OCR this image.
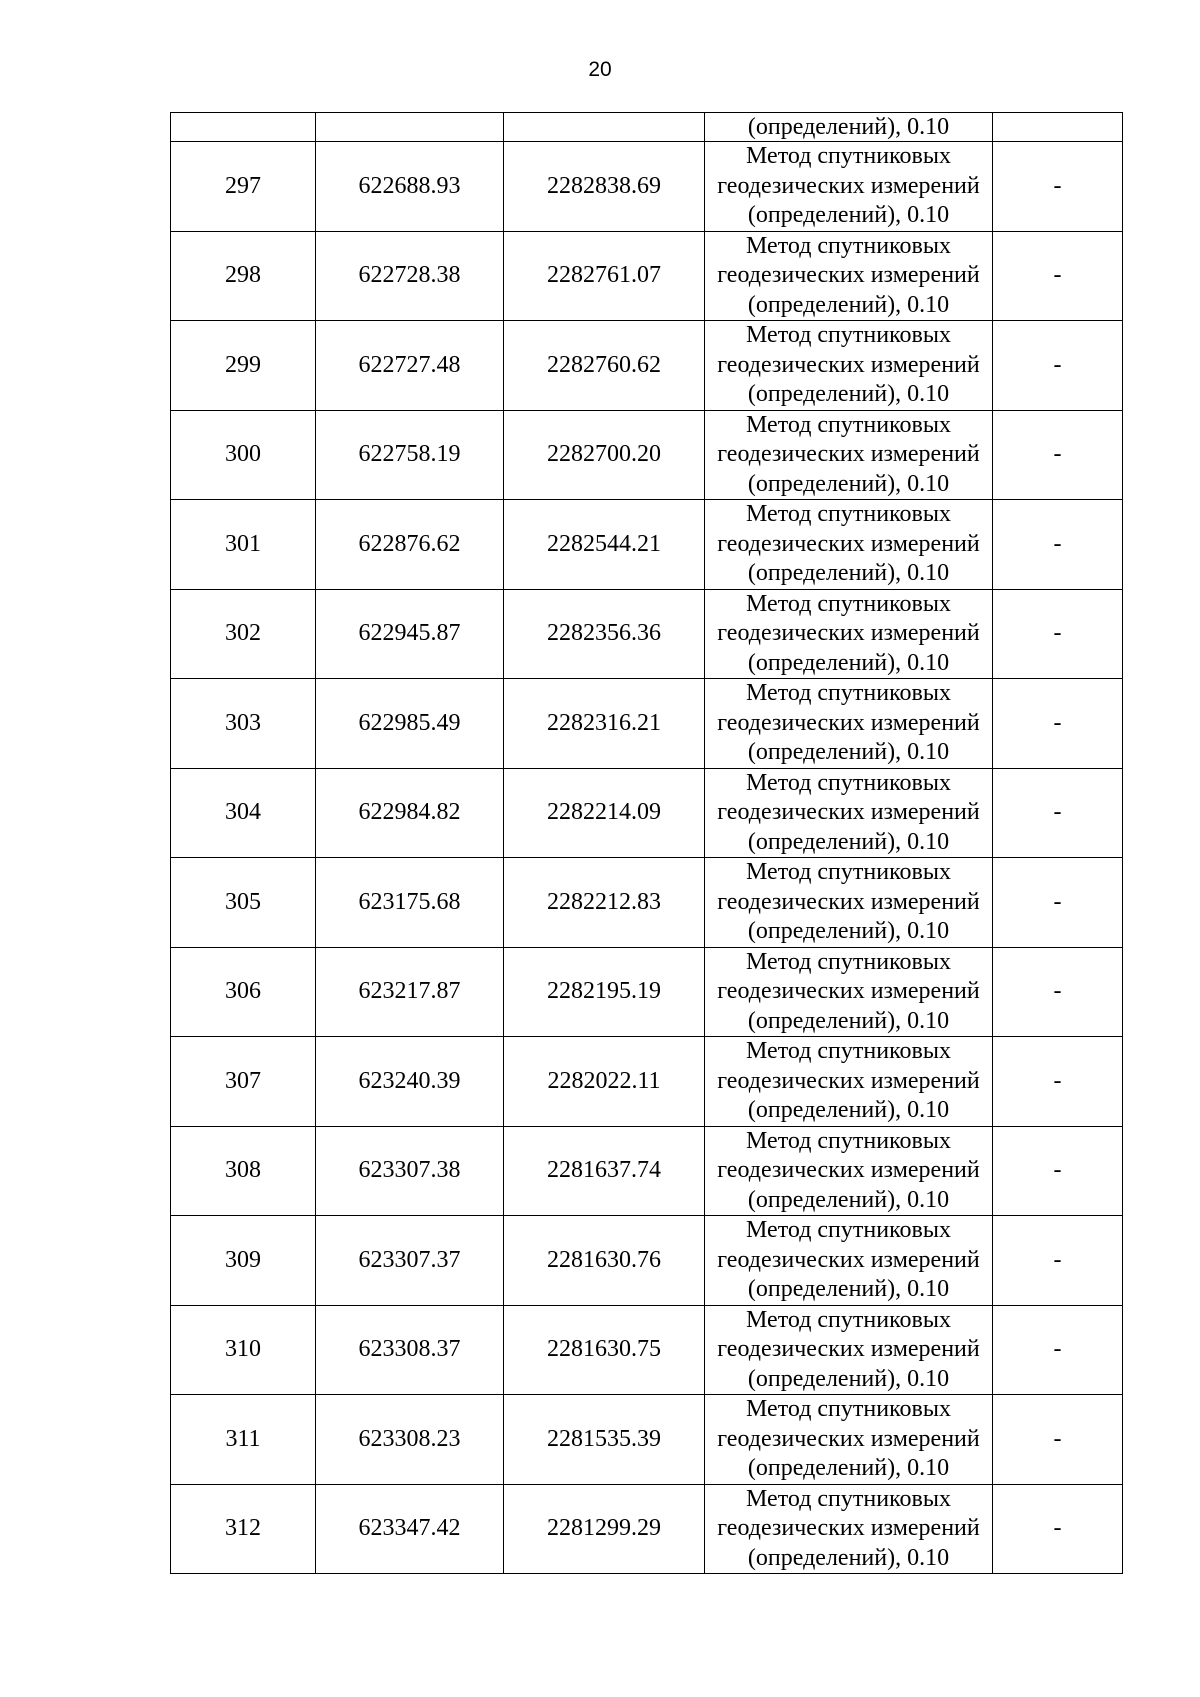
20
			(определений), 0.10	
297	622688.93	2282838.69	Метод спутниковых
геодезических измерений
(определений), 0.10	-
298	622728.38	2282761.07	Метод спутниковых
геодезических измерений
(определений), 0.10	-
299	622727.48	2282760.62	Метод спутниковых
геодезических измерений
(определений), 0.10	-
300	622758.19	2282700.20	Метод спутниковых
геодезических измерений
(определений), 0.10	-
301	622876.62	2282544.21	Метод спутниковых
геодезических измерений
(определений), 0.10	-
302	622945.87	2282356.36	Метод спутниковых
геодезических измерений
(определений), 0.10	-
303	622985.49	2282316.21	Метод спутниковых
геодезических измерений
(определений), 0.10	-
304	622984.82	2282214.09	Метод спутниковых
геодезических измерений
(определений), 0.10	-
305	623175.68	2282212.83	Метод спутниковых
геодезических измерений
(определений), 0.10	-
306	623217.87	2282195.19	Метод спутниковых
геодезических измерений
(определений), 0.10	-
307	623240.39	2282022.11	Метод спутниковых
геодезических измерений
(определений), 0.10	-
308	623307.38	2281637.74	Метод спутниковых
геодезических измерений
(определений), 0.10	-
309	623307.37	2281630.76	Метод спутниковых
геодезических измерений
(определений), 0.10	-
310	623308.37	2281630.75	Метод спутниковых
геодезических измерений
(определений), 0.10	-
311	623308.23	2281535.39	Метод спутниковых
геодезических измерений
(определений), 0.10	-
312	623347.42	2281299.29	Метод спутниковых
геодезических измерений
(определений), 0.10	-
